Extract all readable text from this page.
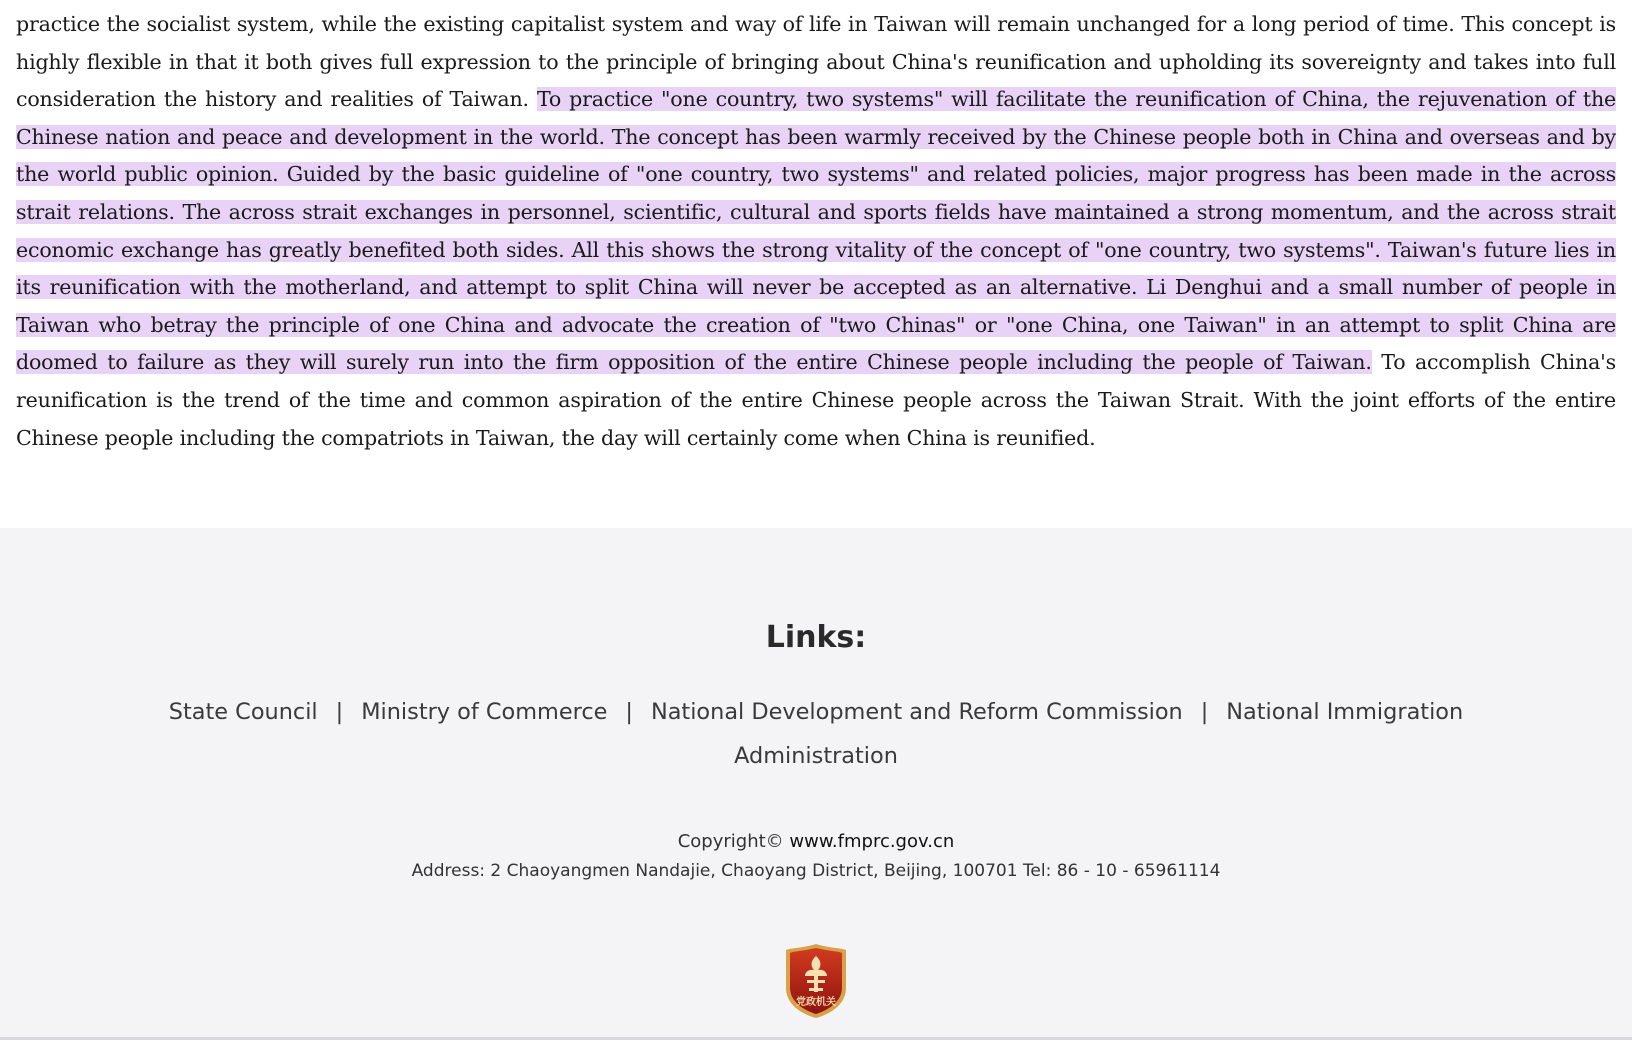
practice the socialist system, while the existing capitalist system and way of life in Taiwan will remain unchanged for a long period of time. This concept is highly flexible in that it both gives full expression to the principle of bringing about China's reunification and upholding its sovereignty and takes into full consideration the history and realities of Taiwan. To practice "one country, two systems" will facilitate the reunification of China, the rejuvenation of the Chinese nation and peace and development in the world. The concept has been warmly received by the Chinese people both in China and overseas and by the world public opinion. Guided by the basic guideline of "one country, two systems" and related policies, major progress has been made in the across strait relations. The across strait exchanges in personnel, scientific, cultural and sports fields have maintained a strong momentum, and the across strait economic exchange has greatly benefited both sides. All this shows the strong vitality of the concept of "one country, two systems". Taiwan's future lies in its reunification with the motherland, and attempt to split China will never be accepted as an alternative. Li Denghui and a small number of people in Taiwan who betray the principle of one China and advocate the creation of "two Chinas" or "one China, one Taiwan" in an attempt to split China are doomed to failure as they will surely run into the firm opposition of the entire Chinese people including the people of Taiwan. To accomplish China's reunification is the trend of the time and common aspiration of the entire Chinese people across the Taiwan Strait. With the joint efforts of the entire Chinese people including the compatriots in Taiwan, the day will certainly come when China is reunified.

Links:
State Council | Ministry of Commerce | National Development and Reform Commission | National Immigration Administration
Copyright© www.fmprc.gov.cn
Address: 2 Chaoyangmen Nandajie, Chaoyang District, Beijing, 100701 Tel: 86 - 10 - 65961114
党政机关
